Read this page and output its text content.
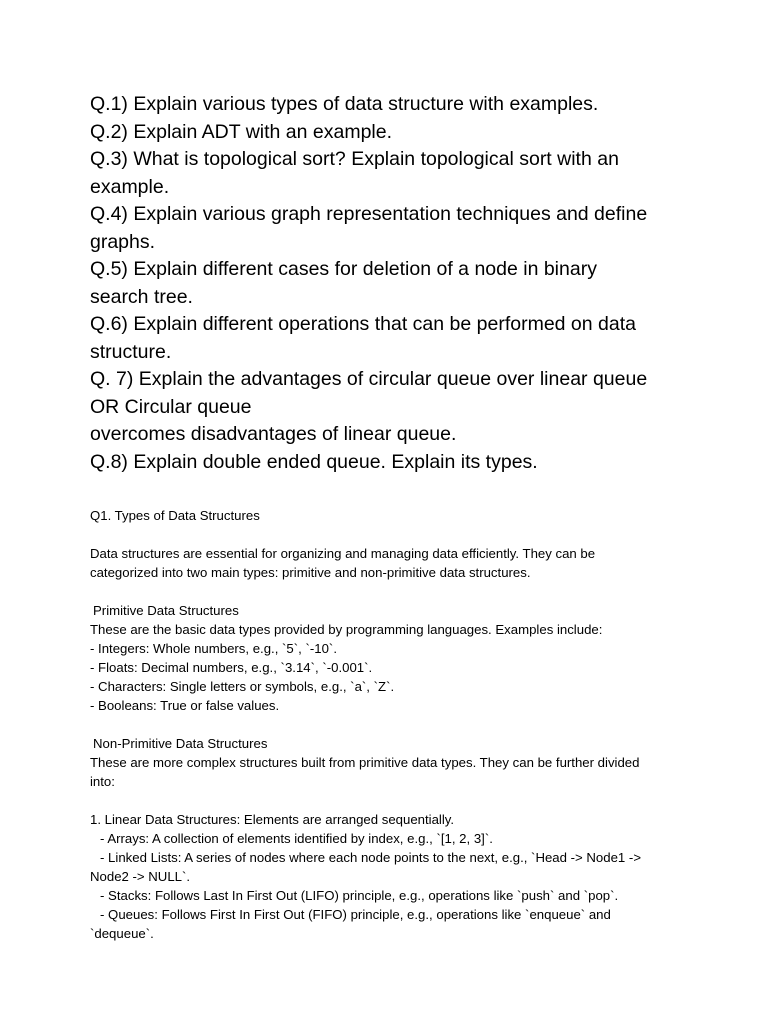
Q.1) Explain various types of data structure with examples.
Q.2) Explain ADT with an example.
Q.3) What is topological sort? Explain topological sort with an
example.
Q.4) Explain various graph representation techniques and define
graphs.
Q.5) Explain different cases for deletion of a node in binary
search tree.
Q.6) Explain different operations that can be performed on data
structure.
Q. 7) Explain the advantages of circular queue over linear queue
OR Circular queue
overcomes disadvantages of linear queue.
Q.8) Explain double ended queue. Explain its types.

Q1. Types of Data Structures

Data structures are essential for organizing and managing data efficiently. They can be

categorized into two main types: primitive and non-primitive data structures.

Primitive Data Structures

These are the basic data types provided by programming languages. Examples include:

- Integers: Whole numbers, e.g., `5`, `-10`.

- Floats: Decimal numbers, e.g., `3.14`, `-0.001`.

- Characters: Single letters or symbols, e.g., `a`, `Z`.

- Booleans: True or false values.

Non-Primitive Data Structures

These are more complex structures built from primitive data types. They can be further divided

into:

1. Linear Data Structures: Elements are arranged sequentially.

- Arrays: A collection of elements identified by index, e.g., `[1, 2, 3]`.

- Linked Lists: A series of nodes where each node points to the next, e.g., `Head -> Node1 ->

Node2 -> NULL`.

- Stacks: Follows Last In First Out (LIFO) principle, e.g., operations like `push` and `pop`.

- Queues: Follows First In First Out (FIFO) principle, e.g., operations like `enqueue` and

`dequeue`.
